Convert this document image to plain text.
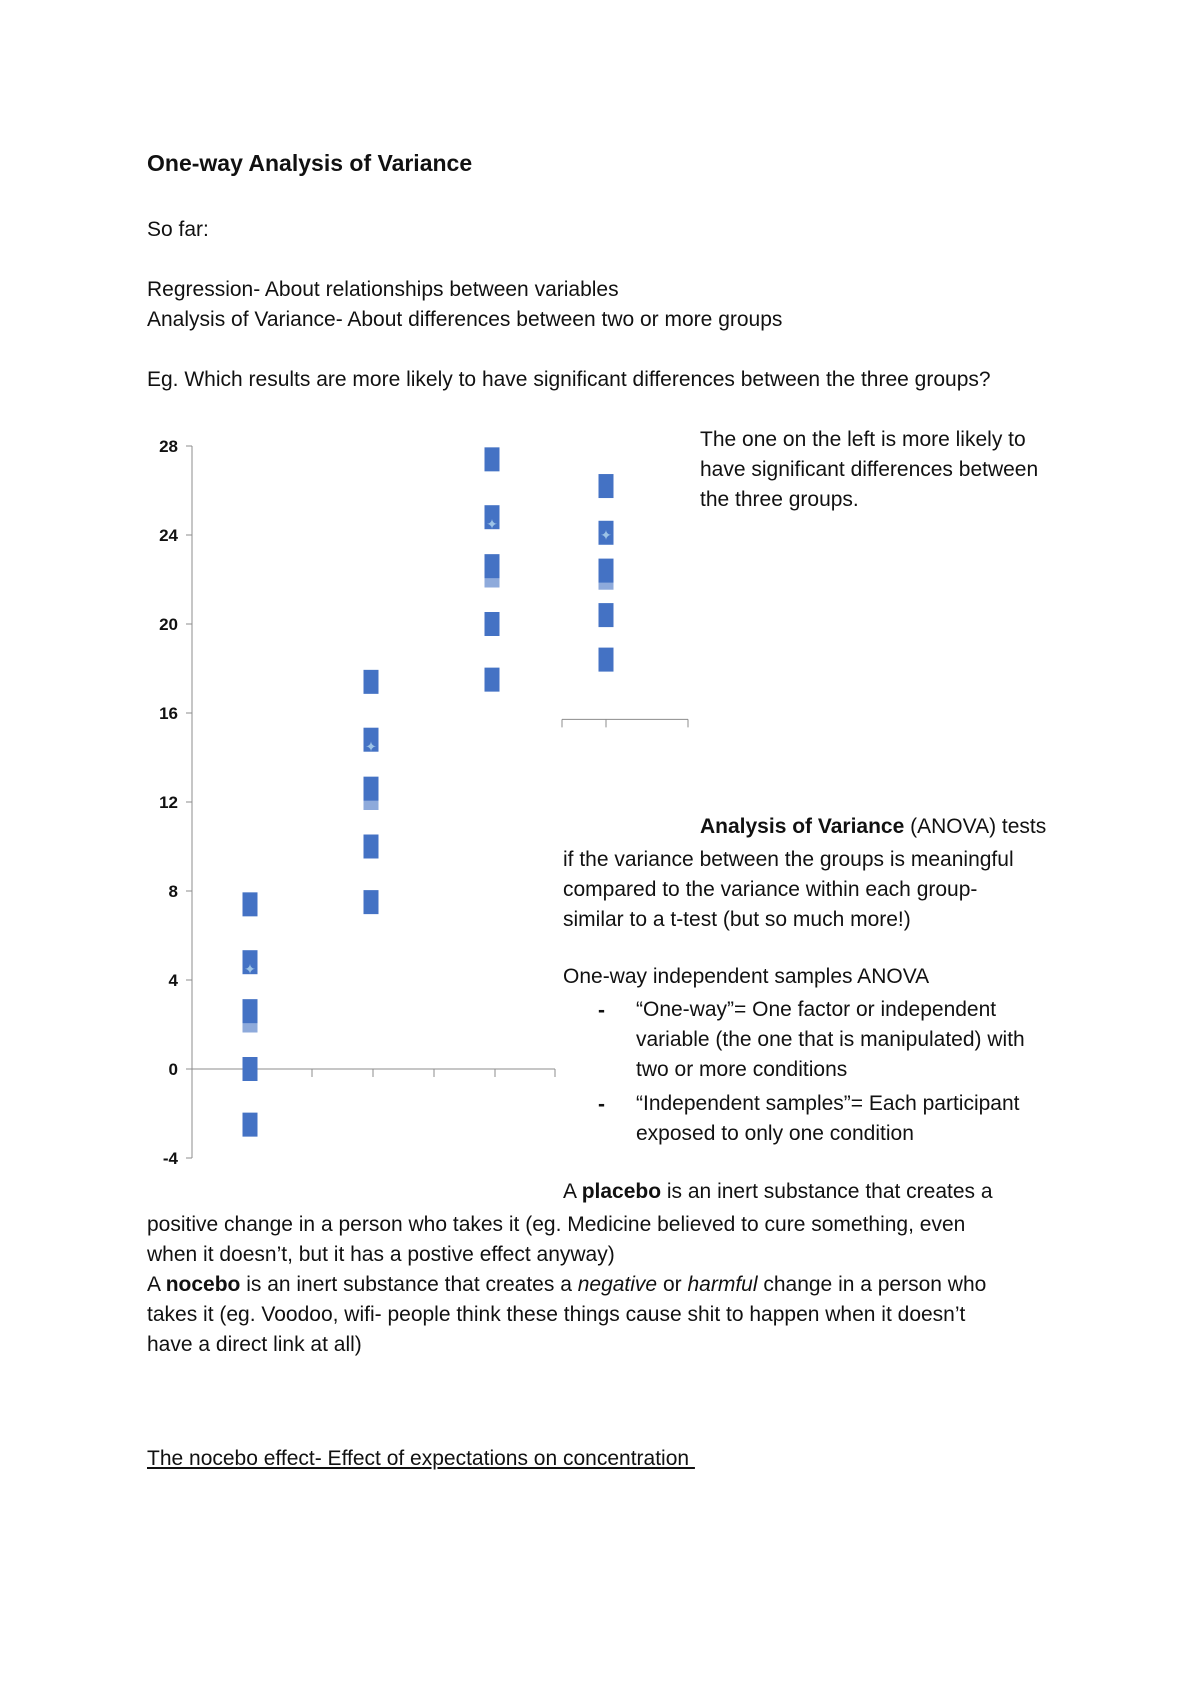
One-way Analysis of Variance
So far:
Regression- About relationships between variables
Analysis of Variance- About differences between two or more groups
Eg. Which results are more likely to have significant differences between the three groups?
28
24
20
16
12
8
4
0
-4
✦
✦
✦
✦
The one on the left is more likely to
have significant differences between
the three groups.
Analysis of Variance (ANOVA) tests
if the variance between the groups is meaningful
compared to the variance within each group-
similar to a t-test (but so much more!)
One-way independent samples ANOVA
- “One-way”= One factor or independent
variable (the one that is manipulated) with
two or more conditions
- “Independent samples”= Each participant
exposed to only one condition
A placebo is an inert substance that creates a
positive change in a person who takes it (eg. Medicine believed to cure something, even
when it doesn’t, but it has a postive effect anyway)
A nocebo is an inert substance that creates a negative or harmful change in a person who
takes it (eg. Voodoo, wifi- people think these things cause shit to happen when it doesn’t
have a direct link at all)
The nocebo effect- Effect of expectations on concentration
